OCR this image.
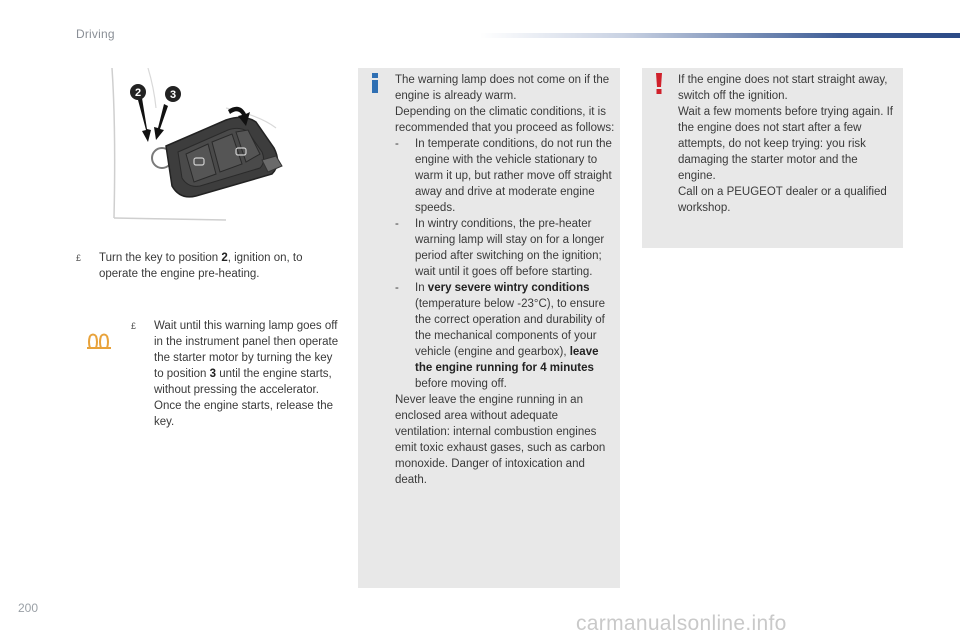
Driving
2	3
£	Turn the key to position 2, ignition on, to operate the engine pre-heating.
£	Wait until this warning lamp goes off in the instrument panel then operate the starter motor by turning the key to position 3 until the engine starts, without pressing the accelerator. Once the engine starts, release the key.

The warning lamp does not come on if the engine is already warm.

Depending on the climatic conditions, it is recommended that you proceed as follows:

- In temperate conditions, do not run the engine with the vehicle stationary to warm it up, but rather move off straight away and drive at moderate engine speeds.

- In wintry conditions, the pre-heater warning lamp will stay on for a longer period after switching on the ignition; wait until it goes off before starting.

- In very severe wintry conditions (temperature below -23°C), to ensure the correct operation and durability of the mechanical components of your vehicle (engine and gearbox), leave the engine running for 4 minutes before moving off.

Never leave the engine running in an enclosed area without adequate ventilation: internal combustion engines emit toxic exhaust gases, such as carbon monoxide. Danger of intoxication and death.

If the engine does not start straight away, switch off the ignition.

Wait a few moments before trying again. If the engine does not start after a few attempts, do not keep trying: you risk damaging the starter motor and the engine.

Call on a PEUGEOT dealer or a qualified workshop.

200
carmanualsonline.info
